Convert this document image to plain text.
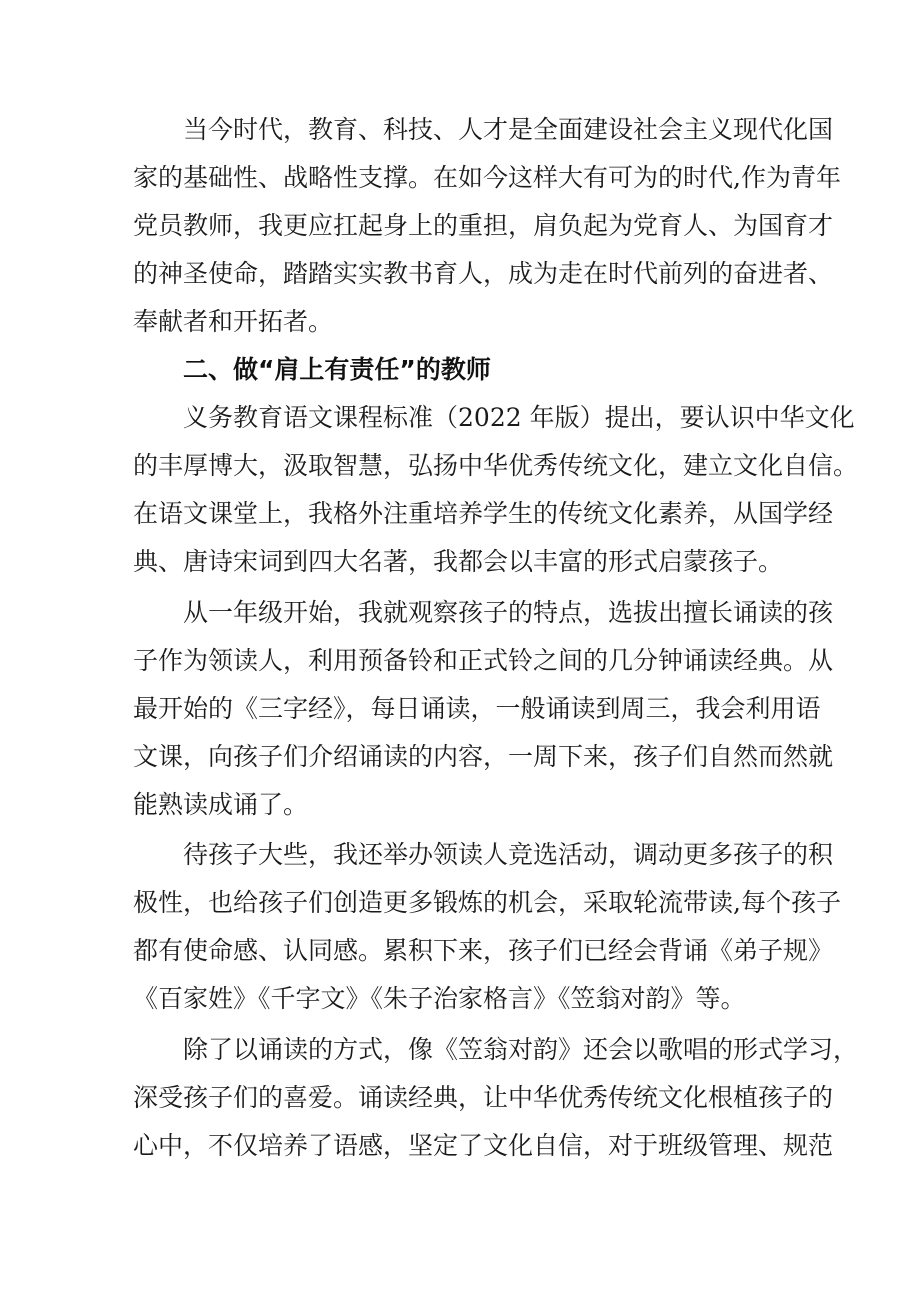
当今时代，教育、科技、人才是全面建设社会主义现代化国
家的基础性、战略性支撑。在如今这样大有可为的时代,作为青年
党员教师，我更应扛起身上的重担，肩负起为党育人、为国育才
的神圣使命，踏踏实实教书育人，成为走在时代前列的奋进者、
奉献者和开拓者。
二、做“肩上有责任”的教师
义务教育语文课程标准（2022 年版）提出，要认识中华文化
的丰厚博大，汲取智慧，弘扬中华优秀传统文化，建立文化自信。
在语文课堂上，我格外注重培养学生的传统文化素养，从国学经
典、唐诗宋词到四大名著，我都会以丰富的形式启蒙孩子。
从一年级开始，我就观察孩子的特点，选拔出擅长诵读的孩
子作为领读人，利用预备铃和正式铃之间的几分钟诵读经典。从
最开始的《三字经》，每日诵读，一般诵读到周三，我会利用语
文课，向孩子们介绍诵读的内容，一周下来，孩子们自然而然就
能熟读成诵了。
待孩子大些，我还举办领读人竞选活动，调动更多孩子的积
极性，也给孩子们创造更多锻炼的机会，采取轮流带读,每个孩子
都有使命感、认同感。累积下来，孩子们已经会背诵《弟子规》
《百家姓》《千字文》《朱子治家格言》《笠翁对韵》等。
除了以诵读的方式，像《笠翁对韵》还会以歌唱的形式学习，
深受孩子们的喜爱。诵读经典，让中华优秀传统文化根植孩子的
心中，不仅培养了语感，坚定了文化自信，对于班级管理、规范
